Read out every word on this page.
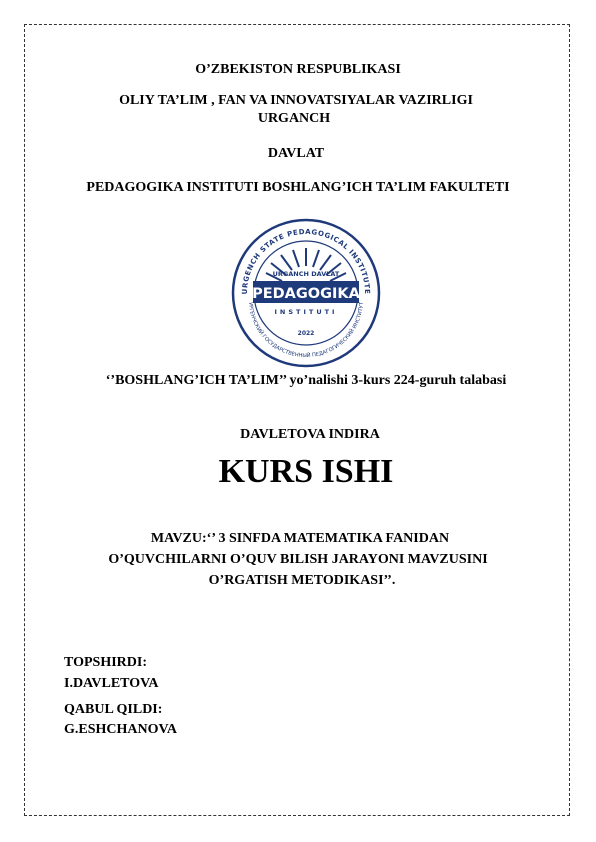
O’ZBEKISTON RESPUBLIKASI
OLIY TA’LIM , FAN VA INNOVATSIYALAR VAZIRLIGI
URGANCH
DAVLAT
PEDAGOGIKA INSTITUTI BOSHLANG’ICH TA’LIM FAKULTETI
URGENCH STATE PEDAGOGICAL INSTITUTE
УРГЕНЧСКИЙ ГОСУДАРСТВЕННЫЙ ПЕДАГОГИЧЕСКИЙ ИНСТИТУТ
URGANCH DAVLAT
PEDAGOGIKA
INSTITUTI
2022
‘’BOSHLANG’ICH TA’LIM’’ yo’nalishi 3-kurs 224-guruh talabasi
DAVLETOVA INDIRA
KURS ISHI
MAVZU:‘’ 3 SINFDA MATEMATIKA FANIDAN
O’QUVCHILARNI O’QUV BILISH JARAYONI MAVZUSINI
O’RGATISH METODIKASI’’.
TOPSHIRDI:
I.DAVLETOVA
QABUL QILDI:
G.ESHCHANOVA
